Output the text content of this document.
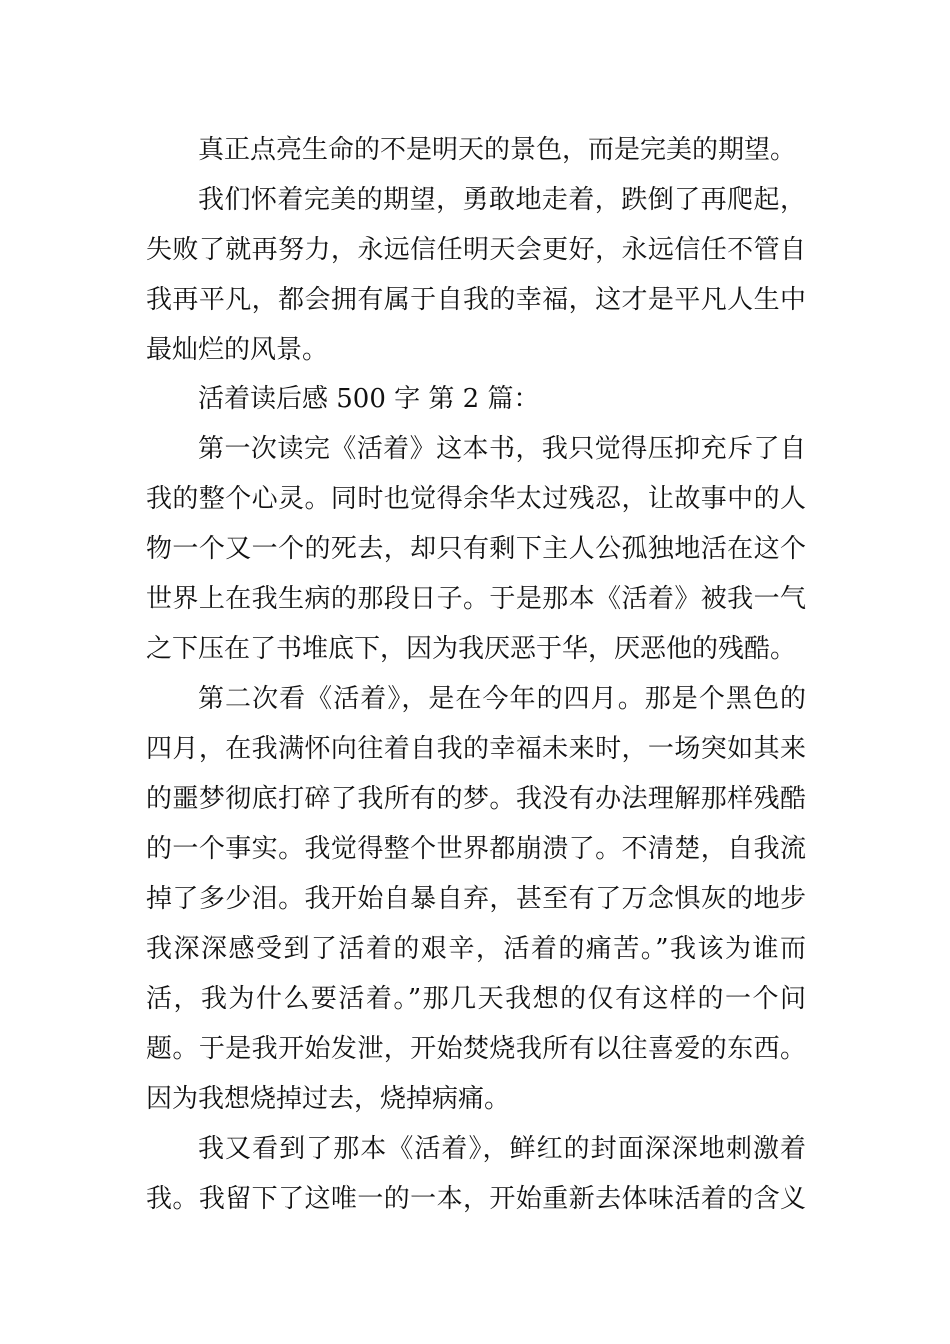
真正点亮生命的不是明天的景色，而是完美的期望。
我们怀着完美的期望，勇敢地走着，跌倒了再爬起，
失败了就再努力，永远信任明天会更好，永远信任不管自
我再平凡，都会拥有属于自我的幸福，这才是平凡人生中
最灿烂的风景。
活着读后感 500 字 第 2 篇：
第一次读完《活着》这本书，我只觉得压抑充斥了自
我的整个心灵。同时也觉得余华太过残忍，让故事中的人
物一个又一个的死去，却只有剩下主人公孤独地活在这个
世界上在我生病的那段日子。于是那本《活着》被我一气
之下压在了书堆底下，因为我厌恶于华，厌恶他的残酷。
第二次看《活着》，是在今年的四月。那是个黑色的
四月，在我满怀向往着自我的幸福未来时，一场突如其来
的噩梦彻底打碎了我所有的梦。我没有办法理解那样残酷
的一个事实。我觉得整个世界都崩溃了。不清楚，自我流
掉了多少泪。我开始自暴自弃，甚至有了万念惧灰的地步
我深深感受到了活着的艰辛，活着的痛苦。”我该为谁而
活，我为什么要活着。”那几天我想的仅有这样的一个问
题。于是我开始发泄，开始焚烧我所有以往喜爱的东西。
因为我想烧掉过去，烧掉病痛。
我又看到了那本《活着》，鲜红的封面深深地刺激着
我。我留下了这唯一的一本，开始重新去体味活着的含义
